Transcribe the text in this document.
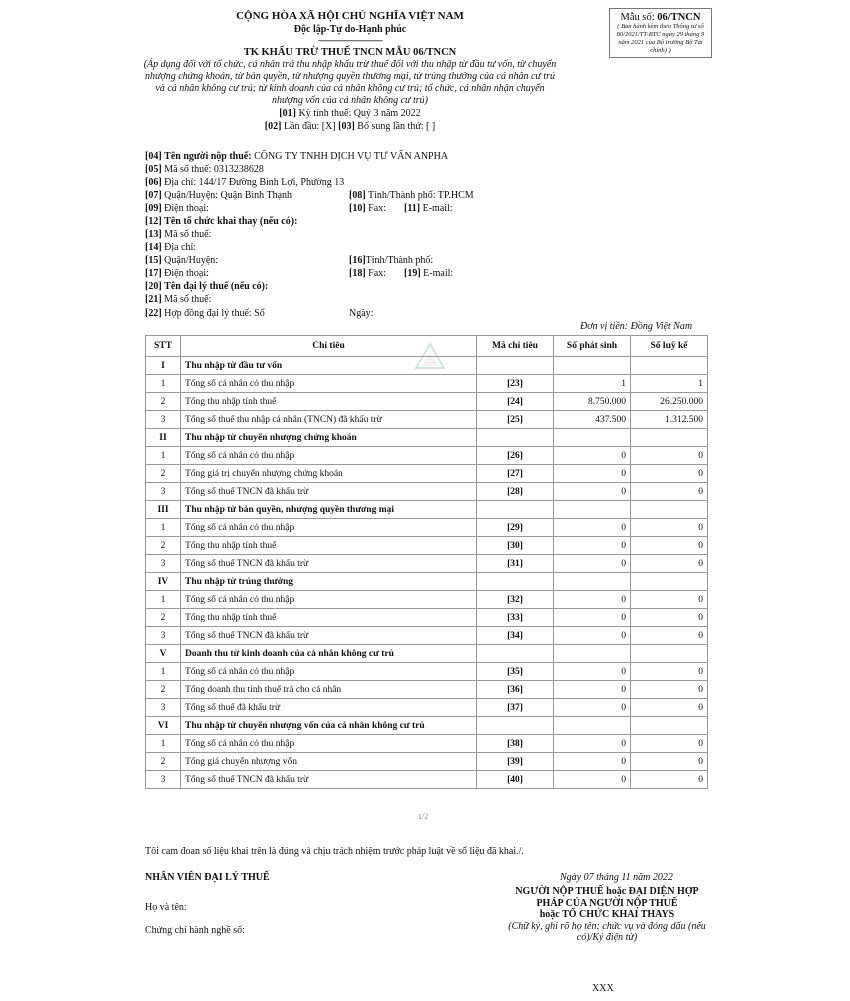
CỘNG HÒA XÃ HỘI CHỦ NGHĨA VIỆT NAM
Độc lập-Tự do-Hạnh phúc
--------------------------------
TK KHẤU TRỪ THUẾ TNCN MẪU 06/TNCN
(Áp dụng đối với tổ chức, cá nhân trả thu nhập khấu trừ thuế đối với thu nhập từ đầu tư vốn, từ chuyển nhượng chứng khoán, từ bản quyền, từ nhượng quyền thương mại, từ trúng thưởng của cá nhân cư trú và cá nhân không cư trú; từ kinh doanh của cá nhân không cư trú; tổ chức, cá nhân nhận chuyển nhượng vốn của cá nhân không cư trú)
[01] Kỳ tính thuế: Quý 3 năm 2022
[02] Lần đầu: [X] [03] Bổ sung lần thứ: [ ]
Mẫu số: 06/TNCN
( Ban hành kèm theo Thông tư số 80/2021/TT-BTC ngày 29 tháng 9 năm 2021 của Bộ trưởng Bộ Tài chính) )
[04] Tên người nộp thuế: CÔNG TY TNHH DỊCH VỤ TƯ VẤN ANPHA
[05] Mã số thuế: 0313238628
[06] Địa chỉ: 144/17 Đường Bình Lợi, Phường 13
[07] Quận/Huyện: Quận Bình Thạnh	[08] Tỉnh/Thành phố: TP.HCM
[09] Điện thoại:	[10] Fax: [11] E-mail:
[12] Tên tổ chức khai thay (nếu có):
[13] Mã số thuế:
[14] Địa chỉ:
[15] Quận/Huyện:	[16]Tỉnh/Thành phố:
[17] Điện thoại:	[18] Fax: [19] E-mail:
[20] Tên đại lý thuế (nếu có):
[21] Mã số thuế:
[22] Hợp đồng đại lý thuế: Số	Ngày:
Đơn vị tiền: Đồng Việt Nam
STT	Chỉ tiêu	Mã chỉ tiêu	Số phát sinh	Số luỹ kế
I	Thu nhập từ đầu tư vốn			
1	Tổng số cá nhân có thu nhập	[23]	1	1
2	Tổng thu nhập tính thuế	[24]	8.750.000	26.250.000
3	Tổng số thuế thu nhập cá nhân (TNCN) đã khấu trừ	[25]	437.500	1.312.500
II	Thu nhập từ chuyển nhượng chứng khoán			
1	Tổng số cá nhân có thu nhập	[26]	0	0
2	Tổng giá trị chuyển nhượng chứng khoán	[27]	0	0
3	Tổng số thuế TNCN đã khấu trừ	[28]	0	0
III	Thu nhập từ bản quyền, nhượng quyền thương mại			
1	Tổng số cá nhân có thu nhập	[29]	0	0
2	Tổng thu nhập tính thuế	[30]	0	0
3	Tổng số thuế TNCN đã khấu trừ	[31]	0	0
IV	Thu nhập từ trúng thưởng			
1	Tổng số cá nhân có thu nhập	[32]	0	0
2	Tổng thu nhập tính thuế	[33]	0	0
3	Tổng số thuế TNCN đã khấu trừ	[34]	0	0
V	Doanh thu từ kinh doanh của cá nhân không cư trú			
1	Tổng số cá nhân có thu nhập	[35]	0	0
2	Tổng doanh thu tính thuế trả cho cá nhân	[36]	0	0
3	Tổng số thuế đã khấu trừ	[37]	0	0
VI	Thu nhập từ chuyển nhượng vốn của cá nhân không cư trú			
1	Tổng số cá nhân có thu nhập	[38]	0	0
2	Tổng giá chuyển nhượng vốn	[39]	0	0
3	Tổng số thuế TNCN đã khấu trừ	[40]	0	0
1/2
Tôi cam đoan số liệu khai trên là đúng và chịu trách nhiệm trước pháp luật về số liệu đã khai./.
NHÂN VIÊN ĐẠI LÝ THUẾ	Ngày 07 tháng 11 năm 2022
Họ và tên:
Chứng chỉ hành nghề số:
NGƯỜI NỘP THUẾ hoặc ĐẠI DIỆN HỢP
PHÁP CỦA NGƯỜI NỘP THUẾ
hoặc TỔ CHỨC KHAI THAYS
(Chữ ký, ghi rõ họ tên; chức vụ và đóng dấu (nếu có)/Ký điện tử)
XXX
